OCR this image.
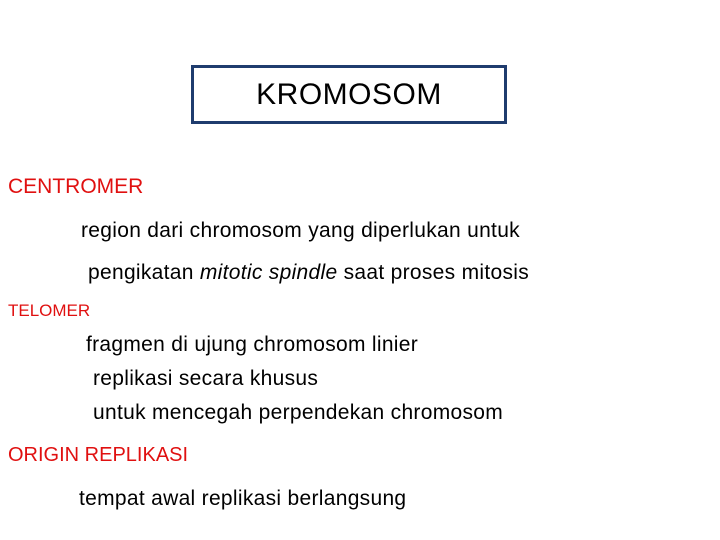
KROMOSOM
CENTROMER
region dari chromosom yang diperlukan untuk
pengikatan mitotic spindle saat proses mitosis
TELOMER
fragmen di ujung chromosom linier
replikasi secara khusus
untuk mencegah perpendekan chromosom
ORIGIN REPLIKASI
tempat awal replikasi berlangsung
